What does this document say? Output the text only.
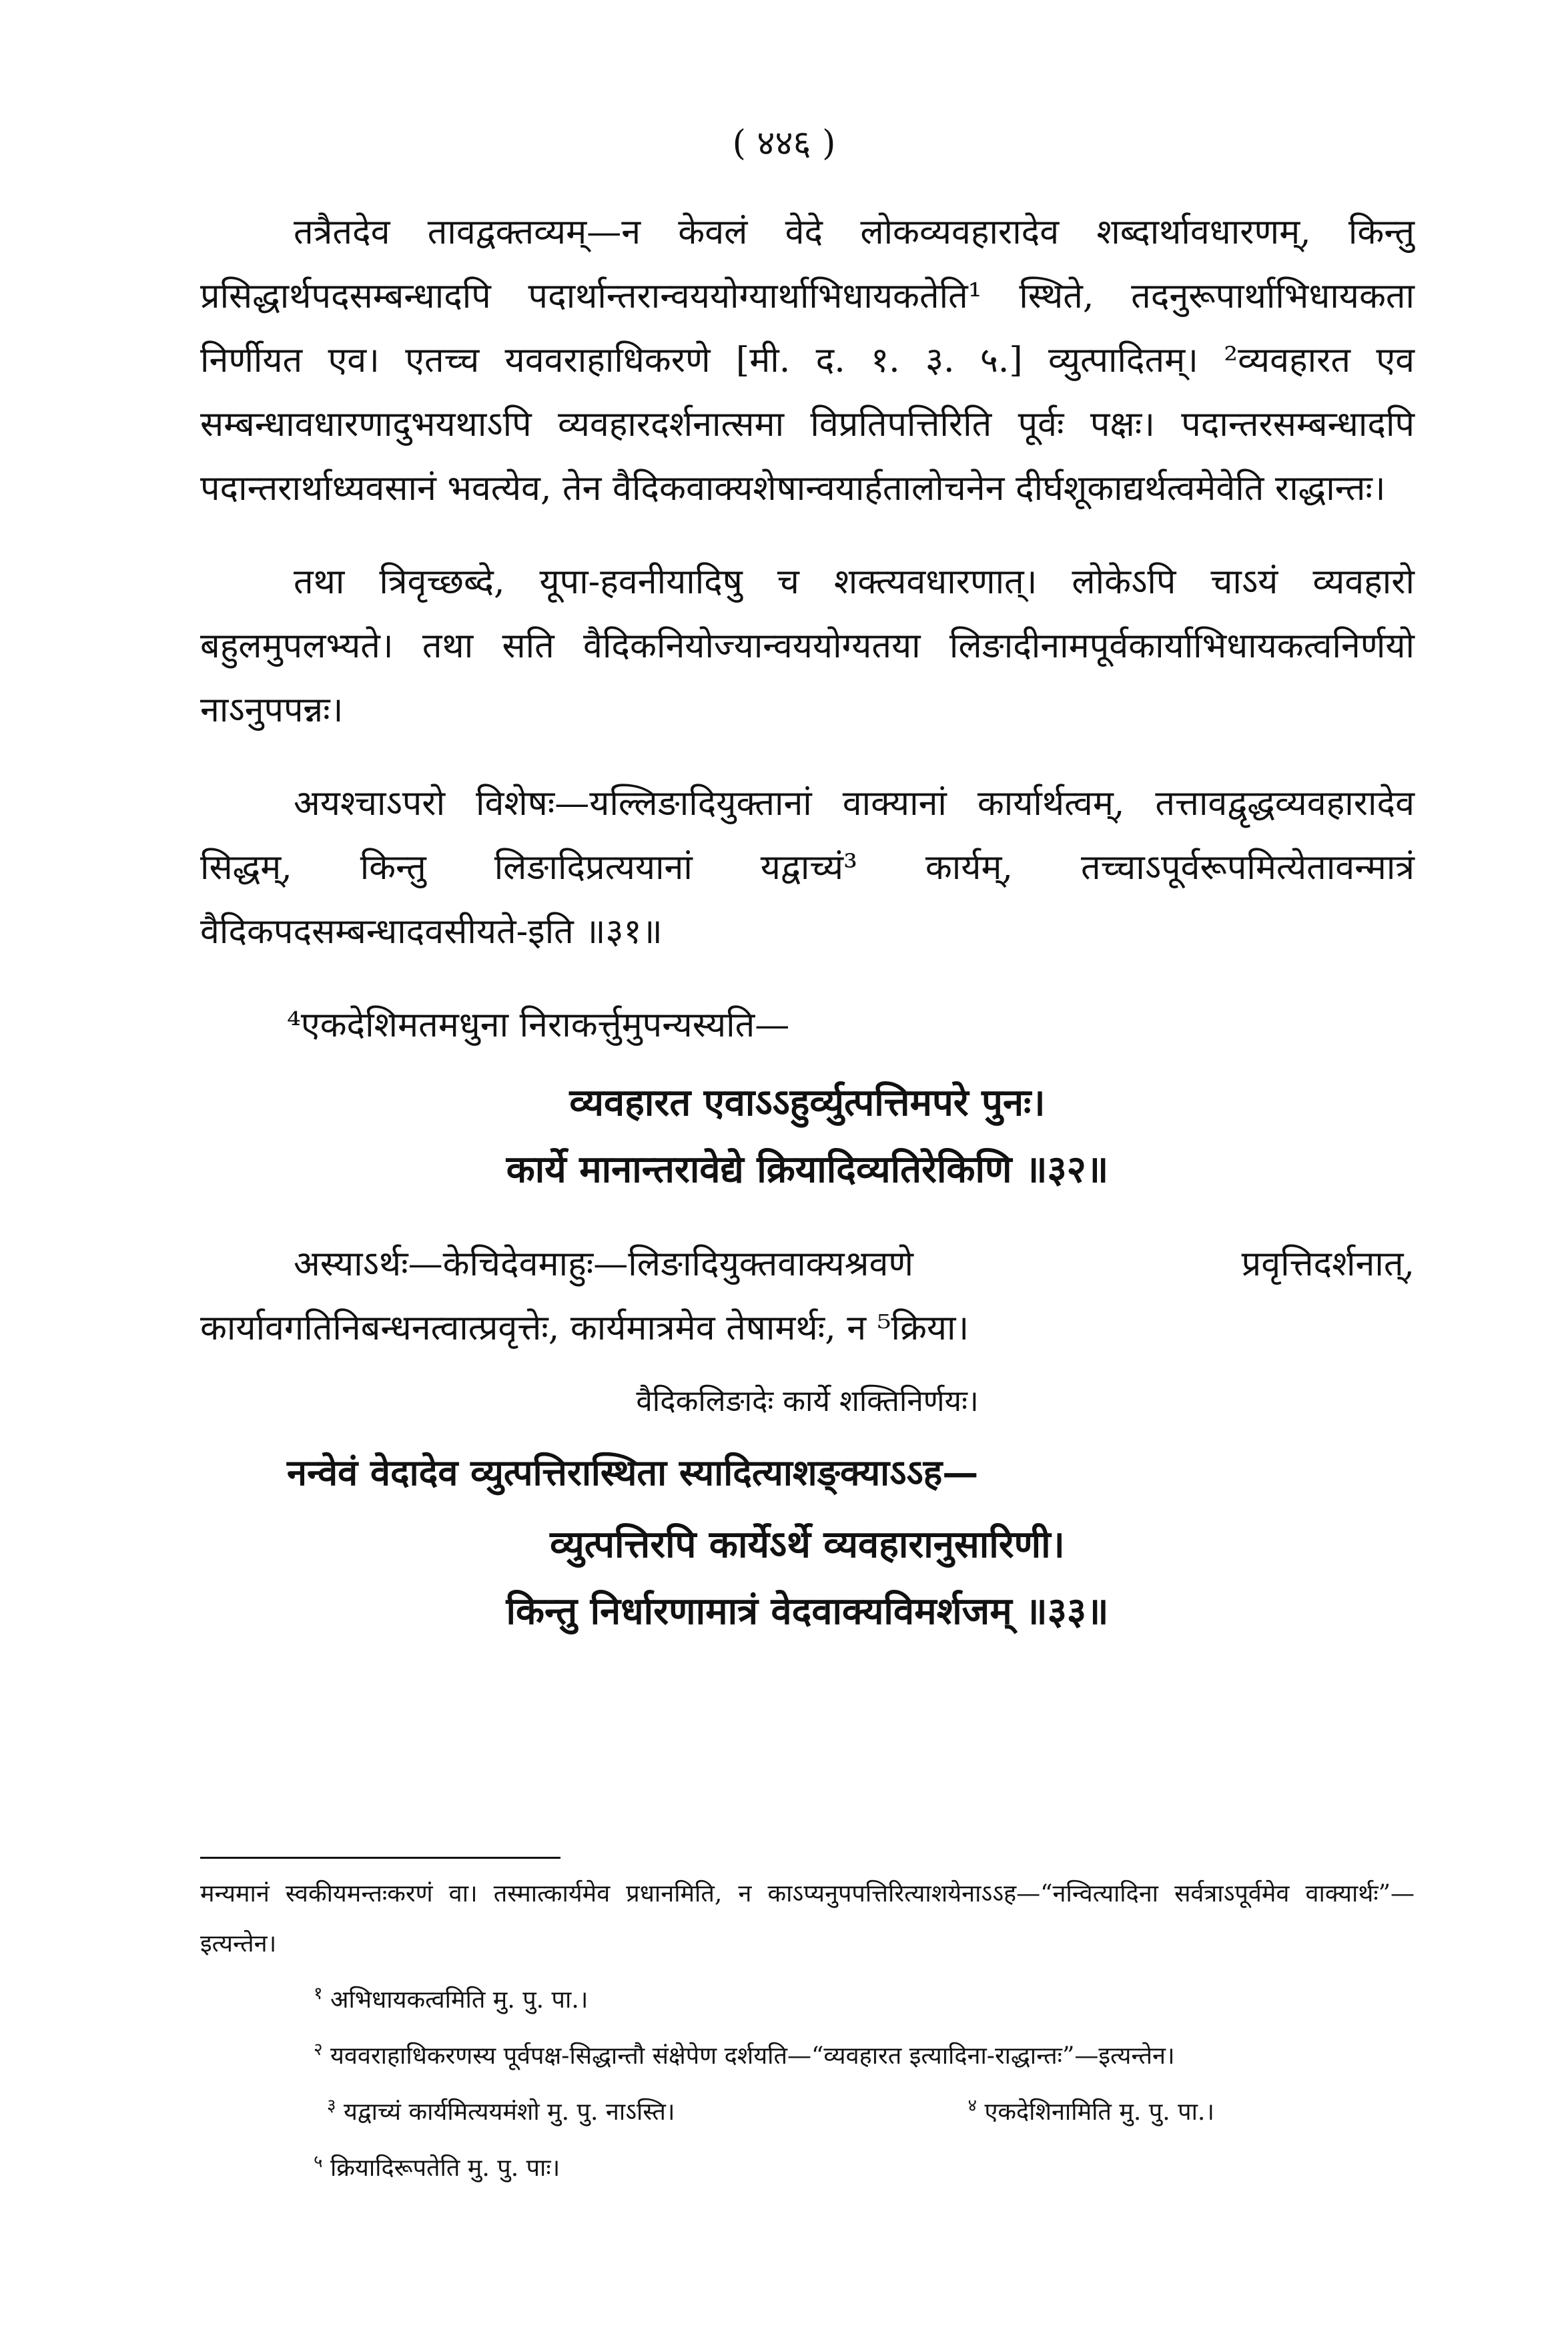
( ४४६ )

तत्रैतदेव तावद्वक्तव्यम्—न केवलं वेदे लोकव्यवहारादेव शब्दार्थावधारणम्, किन्तु प्रसिद्धार्थपदसम्बन्धादपि पदार्थान्तरान्वययोग्यार्थाभिधायकतेति¹ स्थिते, तदनुरूपार्थाभिधायकता निर्णीयत एव। एतच्च यववराहाधिकरणे [मी. द. १. ३. ५.] व्युत्पादितम्। ²व्यवहारत एव सम्बन्धावधारणादुभयथाऽपि व्यवहारदर्शनात्समा विप्रतिपत्तिरिति पूर्वः पक्षः। पदान्तरसम्बन्धादपि पदान्तरार्थाध्यवसानं भवत्येव, तेन वैदिकवाक्यशेषान्वयार्हतालोचनेन दीर्घशूकाद्यर्थत्वमेवेति राद्धान्तः।

तथा त्रिवृच्छब्दे, यूपा-हवनीयादिषु च शक्त्यवधारणात्। लोकेऽपि चाऽयं व्यवहारो बहुलमुपलभ्यते। तथा सति वैदिकनियोज्यान्वययोग्यतया लिङादीनामपूर्वकार्याभिधायकत्वनिर्णयो नाऽनुपपन्नः।

अयश्चाऽपरो विशेषः—यल्लिङादियुक्तानां वाक्यानां कार्यार्थत्वम्, तत्तावद्वृद्धव्यवहारादेव सिद्धम्, किन्तु लिङादिप्रत्ययानां यद्वाच्यं³ कार्यम्, तच्चाऽपूर्वरूपमित्येतावन्मात्रं वैदिकपदसम्बन्धादवसीयते-इति ॥३१॥

⁴एकदेशिमतमधुना निराकर्त्तुमुपन्यस्यति—

व्यवहारत एवाऽऽहुर्व्युत्पत्तिमपरे पुनः।
कार्ये मानान्तरावेद्ये क्रियादिव्यतिरेकिणि ॥३२॥

अस्याऽर्थः—केचिदेवमाहुः—लिङादियुक्तवाक्यश्रवणे प्रवृत्तिदर्शनात्, कार्यावगतिनिबन्धनत्वात्प्रवृत्तेः, कार्यमात्रमेव तेषामर्थः, न ⁵क्रिया।

वैदिकलिङादेः कार्ये शक्तिनिर्णयः।

नन्वेवं वेदादेव व्युत्पत्तिरास्थिता स्यादित्याशङ्क्याऽऽह—

व्युत्पत्तिरपि कार्येऽर्थे व्यवहारानुसारिणी।
किन्तु निर्धारणामात्रं वेदवाक्यविमर्शजम् ॥३३॥

मन्यमानं स्वकीयमन्तःकरणं वा। तस्मात्कार्यमेव प्रधानमिति, न काऽप्यनुपपत्तिरित्याशयेनाऽऽह—“नन्वित्यादिना सर्वत्राऽपूर्वमेव वाक्यार्थः”—इत्यन्तेन।

$^१$ अभिधायकत्वमिति मु. पु. पा.।

$^२$ यववराहाधिकरणस्य पूर्वपक्ष-सिद्धान्तौ संक्षेपेण दर्शयति—“व्यवहारत इत्यादिना-राद्धान्तः”—इत्यन्तेन।

$^३$ यद्वाच्यं कार्यमित्ययमंशो मु. पु. नाऽस्ति।	$^४$ एकदेशिनामिति मु. पु. पा.।

$^५$ क्रियादिरूपतेति मु. पु. पाः।
